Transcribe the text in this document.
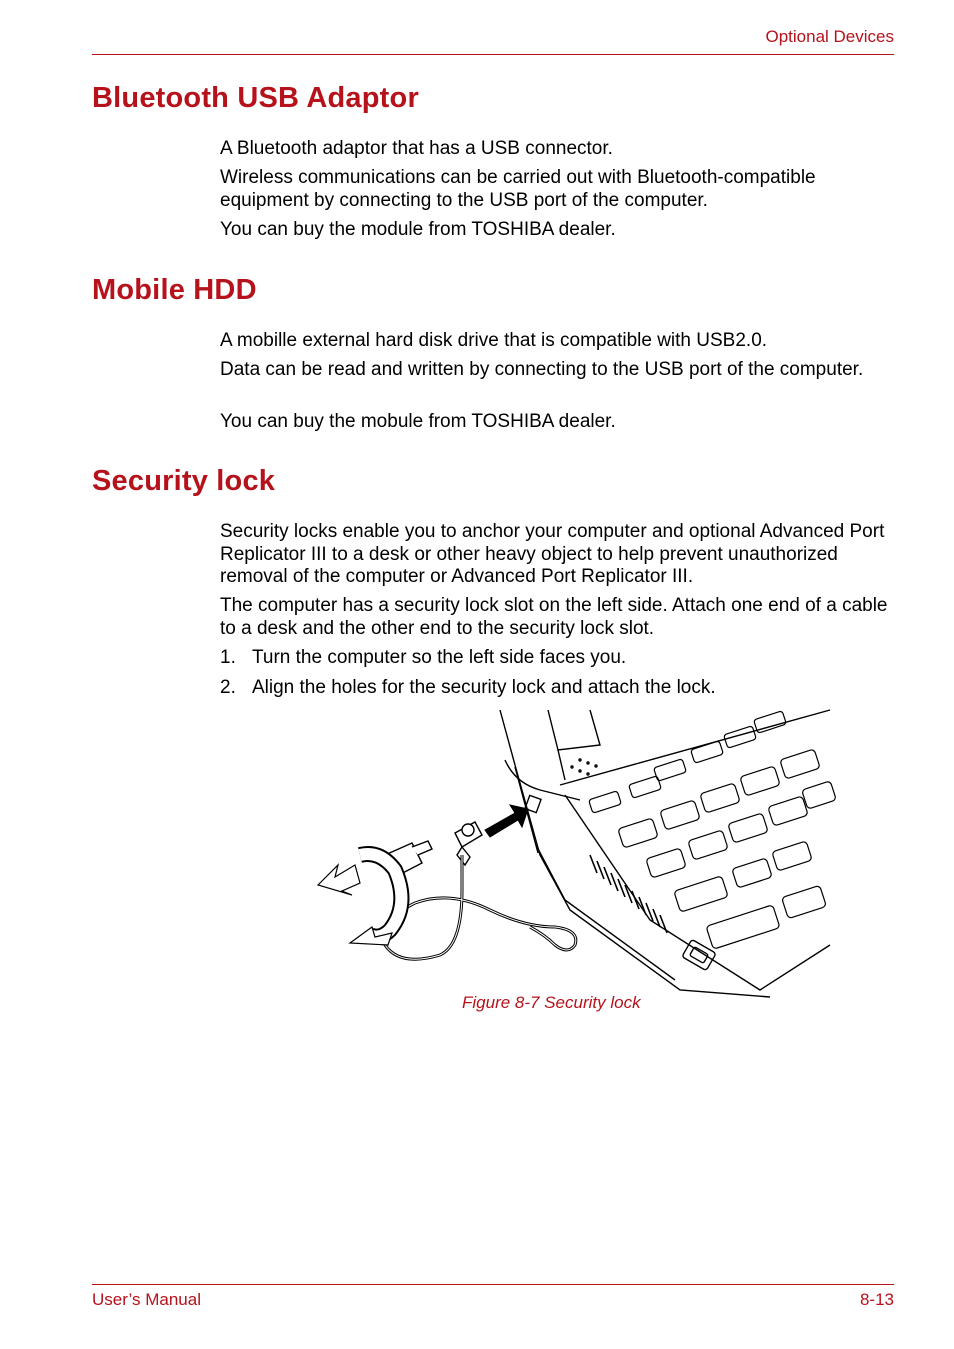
Optional Devices
Bluetooth USB Adaptor

A Bluetooth adaptor that has a USB connector.

Wireless communications can be carried out with Bluetooth-compatible equipment by connecting to the USB port of the computer.

You can buy the module from TOSHIBA dealer.

Mobile HDD

A mobille external hard disk drive that is compatible with USB2.0.

Data can be read and written by connecting to the USB port of the computer.

You can buy the mobule from TOSHIBA dealer.

Security lock

Security locks enable you to anchor your computer and optional Advanced Port Replicator III to a desk or other heavy object to help prevent unauthorized removal of the computer or Advanced Port Replicator III.

The computer has a security lock slot on the left side. Attach one end of a cable to a desk and the other end to the security lock slot.

1. Turn the computer so the left side faces you.
2. Align the holes for the security lock and attach the lock.
Figure 8-7 Security lock
User’s Manual	8-13
